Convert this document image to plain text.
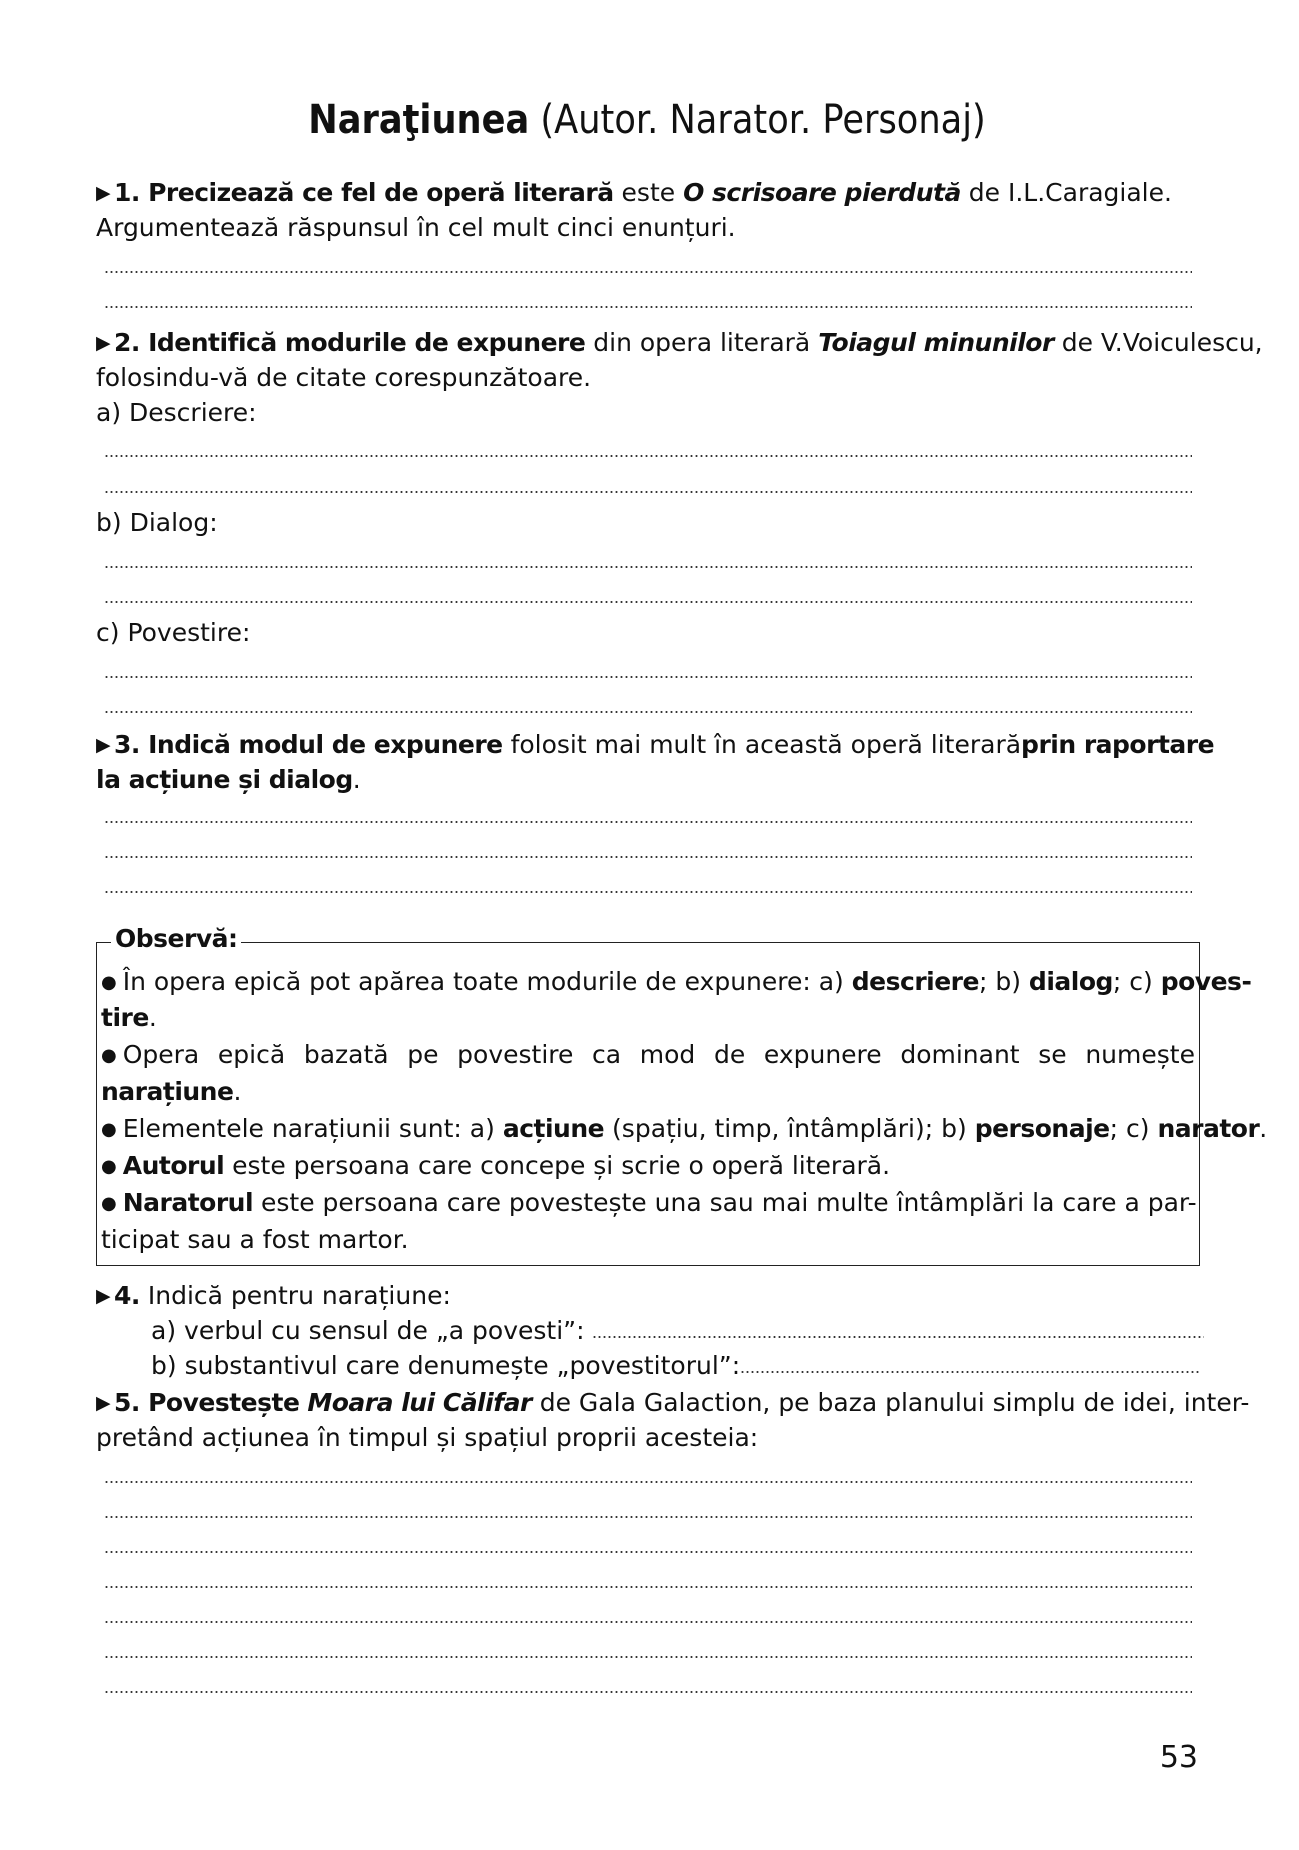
Naraţiunea (Autor. Narator. Personaj)
▶ 1. Precizează ce fel de operă literară este O scrisoare pierdută de I.L.Caragiale.
Argumentează răspunsul în cel mult cinci enunțuri.
▶ 2. Identifică modurile de expunere din opera literară Toiagul minunilor de V.Voiculescu,
folosindu-vă de citate corespunzătoare.
a) Descriere:
b) Dialog:
c) Povestire:
▶ 3. Indică modul de expunere folosit mai mult în această operă literară prin raportare
la acțiune și dialog.
Observă:
● În opera epică pot apărea toate modurile de expunere: a) descriere; b) dialog; c) poves-
tire.
● Opera epică bazată pe povestire ca mod de expunere dominant se numește
narațiune.
● Elementele narațiunii sunt: a) acțiune (spațiu, timp, întâmplări); b) personaje; c) narator.
● Autorul este persoana care concepe și scrie o operă literară.
● Naratorul este persoana care povestește una sau mai multe întâmplări la care a par-
ticipat sau a fost martor.
▶ 4. Indică pentru narațiune:
a) verbul cu sensul de „a povesti”:
b) substantivul care denumește „povestitorul”:
▶ 5. Povestește Moara lui Călifar de Gala Galaction, pe baza planului simplu de idei, inter-
pretând acțiunea în timpul și spațiul proprii acesteia:
53
